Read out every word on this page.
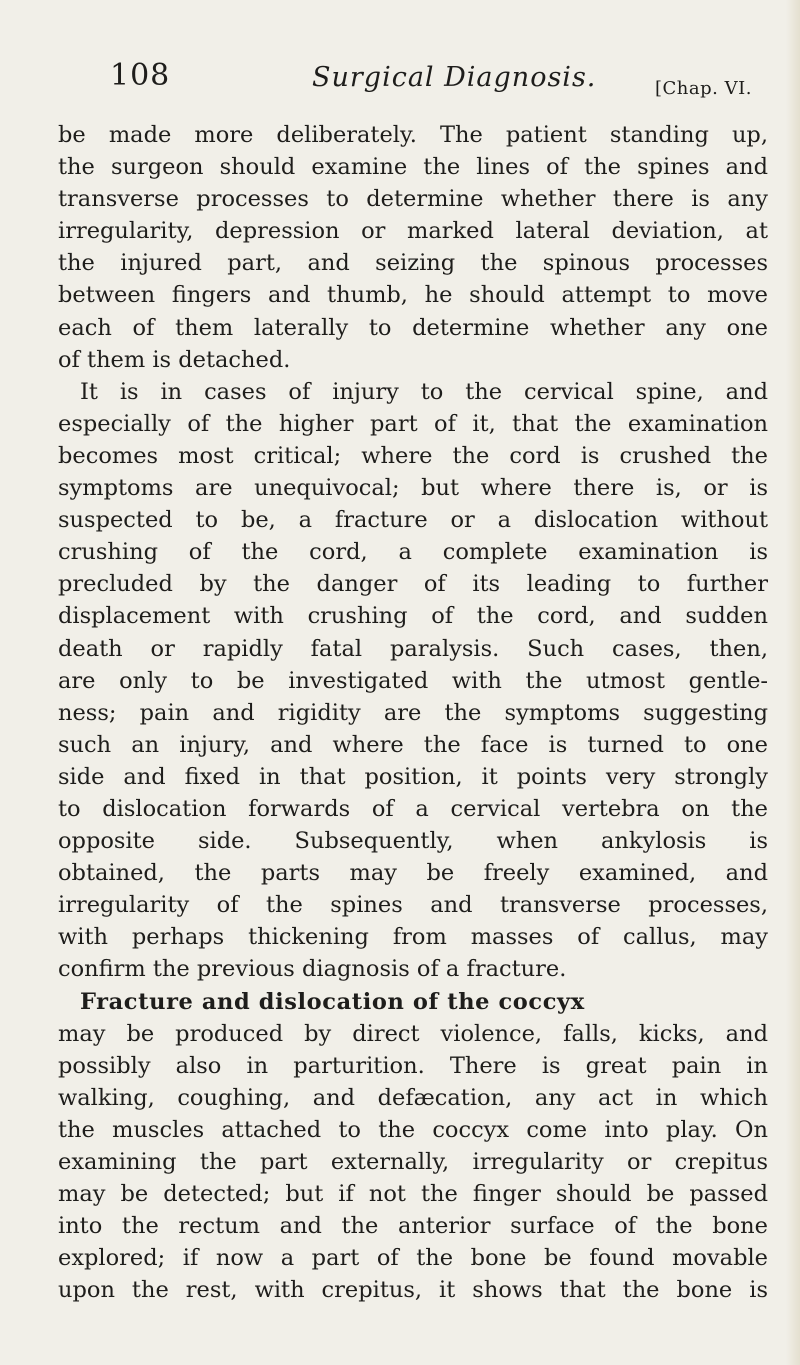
108	Surgical Diagnosis.	[Chap. VI.
be made more deliberately. The patient standing up,
the surgeon should examine the lines of the spines and
transverse processes to determine whether there is any
irregularity, depression or marked lateral deviation, at
the injured part, and seizing the spinous processes
between fingers and thumb, he should attempt to move
each of them laterally to determine whether any one
of them is detached.
It is in cases of injury to the cervical spine, and
especially of the higher part of it, that the examination
becomes most critical; where the cord is crushed the
symptoms are unequivocal; but where there is, or is
suspected to be, a fracture or a dislocation without
crushing of the cord, a complete examination is
precluded by the danger of its leading to further
displacement with crushing of the cord, and sudden
death or rapidly fatal paralysis. Such cases, then,
are only to be investigated with the utmost gentle-
ness; pain and rigidity are the symptoms suggesting
such an injury, and where the face is turned to one
side and fixed in that position, it points very strongly
to dislocation forwards of a cervical vertebra on the
opposite side. Subsequently, when ankylosis is
obtained, the parts may be freely examined, and
irregularity of the spines and transverse processes,
with perhaps thickening from masses of callus, may
confirm the previous diagnosis of a fracture.
Fracture and dislocation of the coccyx
may be produced by direct violence, falls, kicks, and
possibly also in parturition. There is great pain in
walking, coughing, and defæcation, any act in which
the muscles attached to the coccyx come into play. On
examining the part externally, irregularity or crepitus
may be detected; but if not the finger should be passed
into the rectum and the anterior surface of the bone
explored; if now a part of the bone be found movable
upon the rest, with crepitus, it shows that the bone is
